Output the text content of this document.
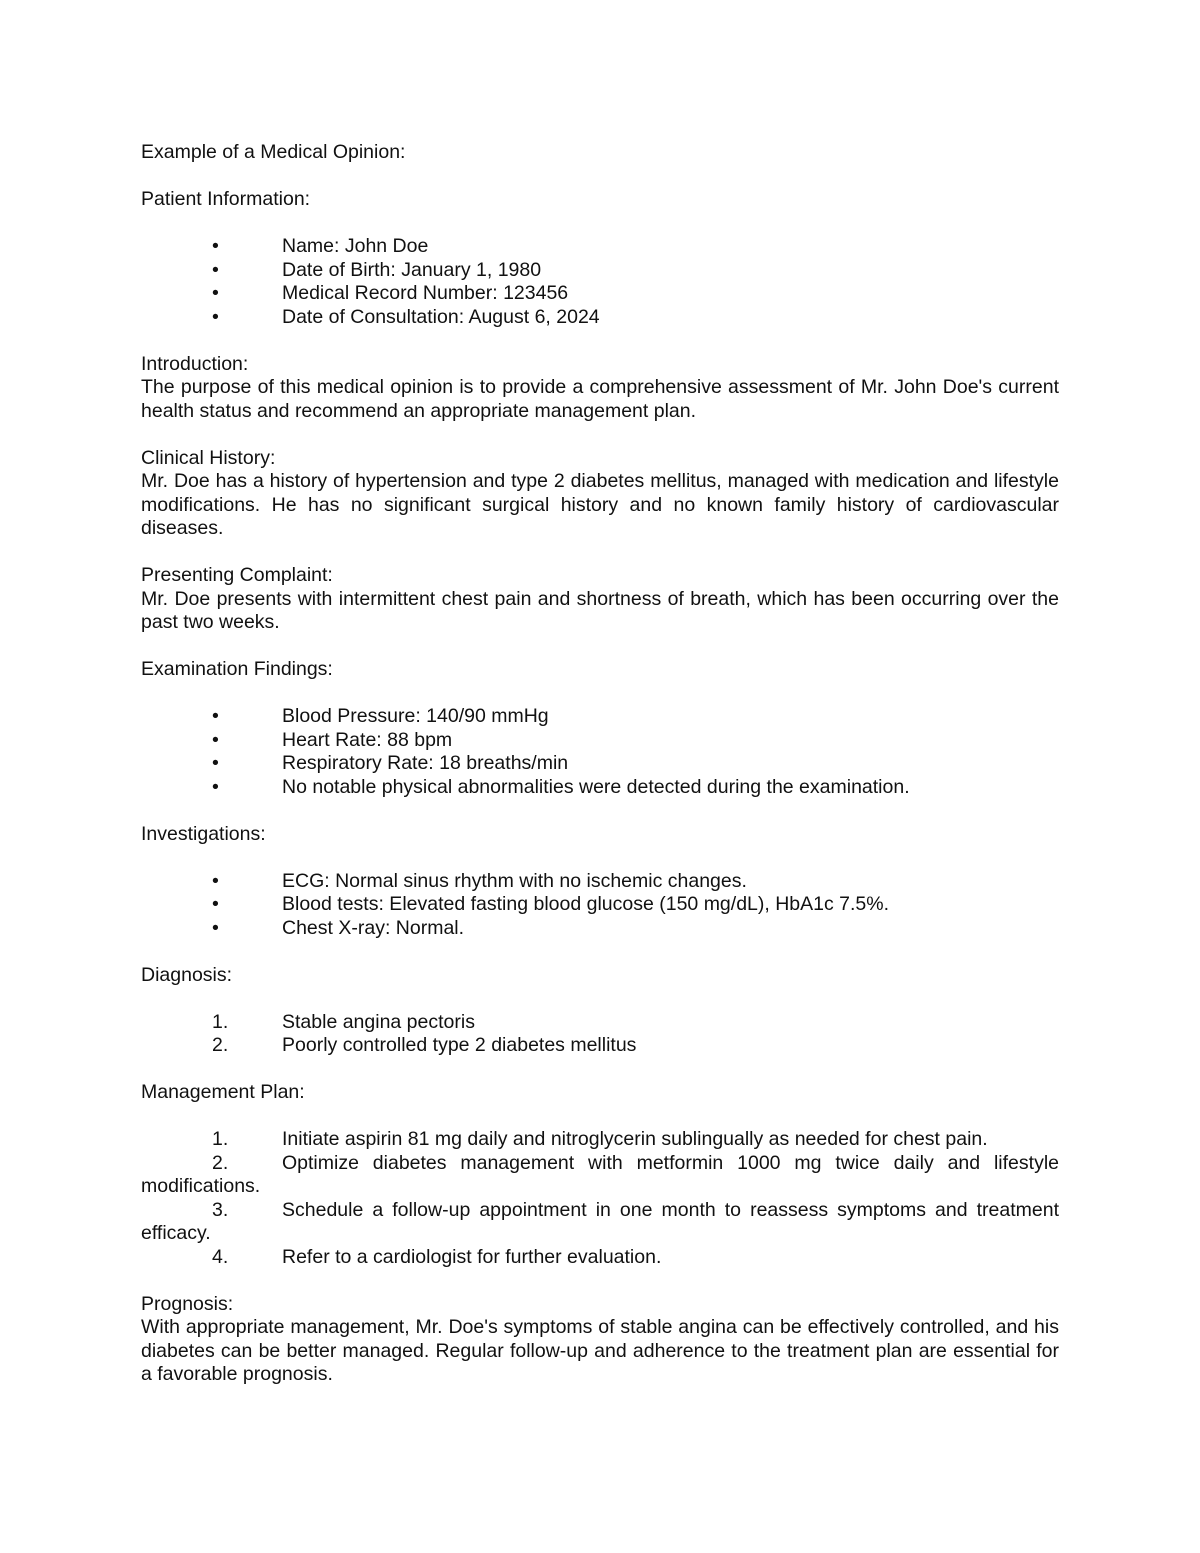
Example of a Medical Opinion:

Patient Information:

•	Name: John Doe
•	Date of Birth: January 1, 1980
•	Medical Record Number: 123456
•	Date of Consultation: August 6, 2024

Introduction:

The purpose of this medical opinion is to provide a comprehensive assessment of Mr. John Doe's current health status and recommend an appropriate management plan.

Clinical History:

Mr. Doe has a history of hypertension and type 2 diabetes mellitus, managed with medication and lifestyle modifications. He has no significant surgical history and no known family history of cardiovascular diseases.

Presenting Complaint:

Mr. Doe presents with intermittent chest pain and shortness of breath, which has been occurring over the past two weeks.

Examination Findings:

•	Blood Pressure: 140/90 mmHg
•	Heart Rate: 88 bpm
•	Respiratory Rate: 18 breaths/min
•	No notable physical abnormalities were detected during the examination.

Investigations:

•	ECG: Normal sinus rhythm with no ischemic changes.
•	Blood tests: Elevated fasting blood glucose (150 mg/dL), HbA1c 7.5%.
•	Chest X-ray: Normal.

Diagnosis:

1.	Stable angina pectoris
2.	Poorly controlled type 2 diabetes mellitus

Management Plan:

1.	Initiate aspirin 81 mg daily and nitroglycerin sublingually as needed for chest pain.

2.	Optimize diabetes management with metformin 1000 mg twice daily and lifestyle modifications.

3.	Schedule a follow-up appointment in one month to reassess symptoms and treatment efficacy.

4.	Refer to a cardiologist for further evaluation.

Prognosis:

With appropriate management, Mr. Doe's symptoms of stable angina can be effectively controlled, and his diabetes can be better managed. Regular follow-up and adherence to the treatment plan are essential for a favorable prognosis.
